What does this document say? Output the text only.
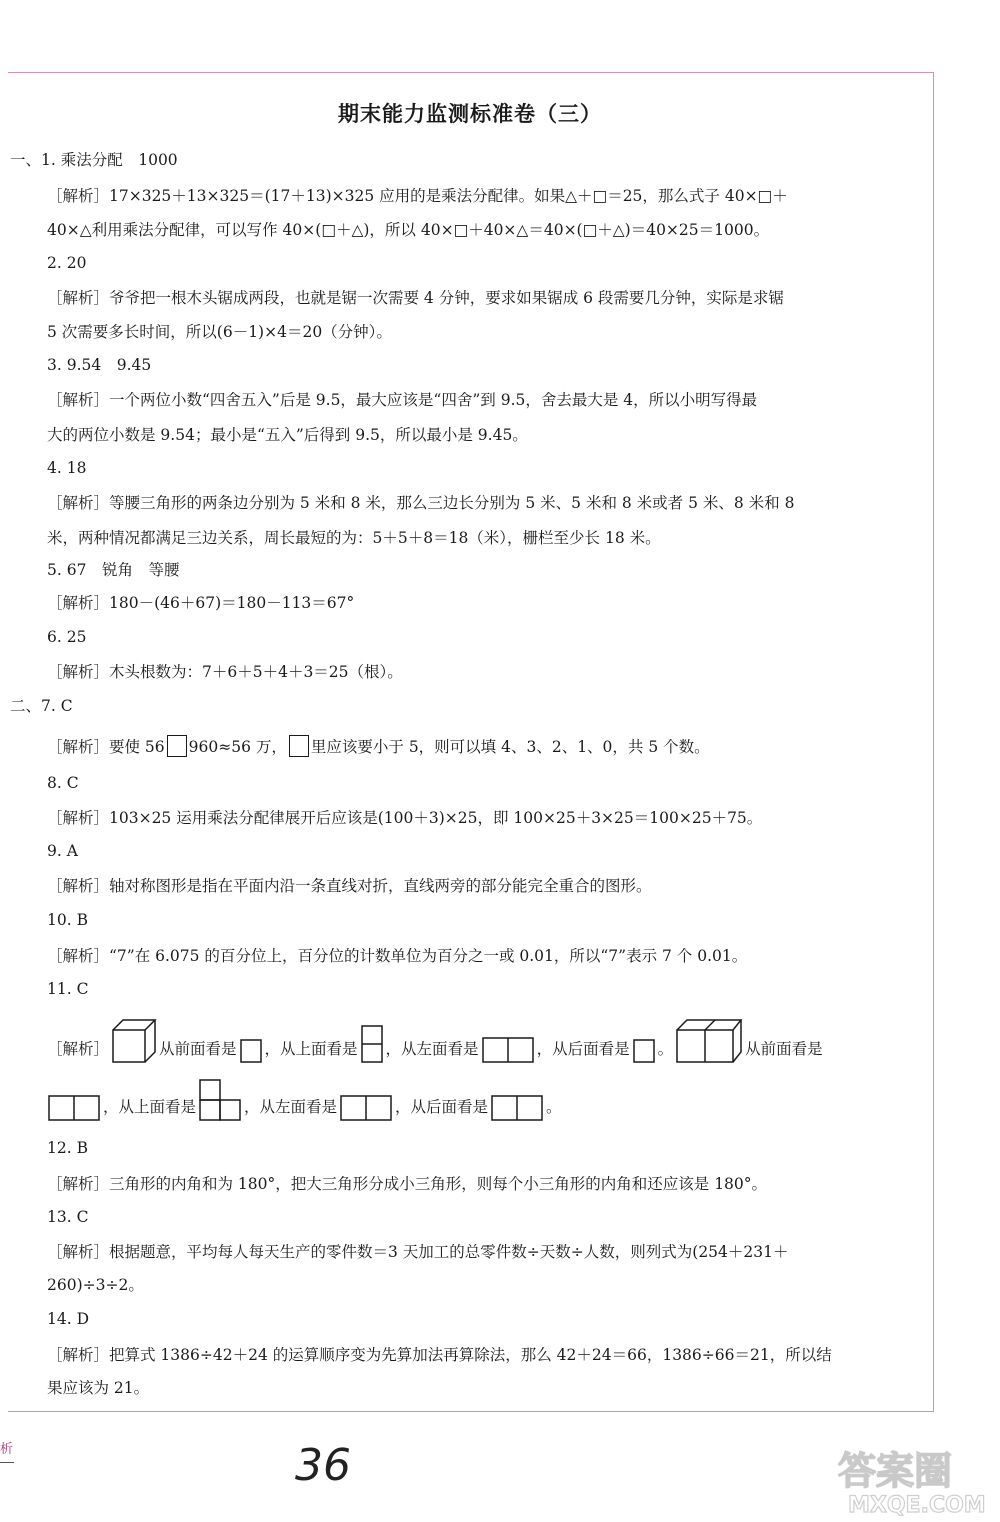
期末能力监测标准卷（三）
一、1. 乘法分配　1000
［解析］17×325＋13×325＝(17＋13)×325 应用的是乘法分配律。如果△＋□＝25，那么式子 40×□＋
40×△利用乘法分配律，可以写作 40×(□＋△)，所以 40×□＋40×△＝40×(□＋△)＝40×25＝1000。
2. 20
［解析］爷爷把一根木头锯成两段，也就是锯一次需要 4 分钟，要求如果锯成 6 段需要几分钟，实际是求锯
5 次需要多长时间，所以(6－1)×4＝20（分钟）。
3. 9.54　9.45
［解析］一个两位小数“四舍五入”后是 9.5，最大应该是“四舍”到 9.5，舍去最大是 4，所以小明写得最
大的两位小数是 9.54；最小是“五入”后得到 9.5，所以最小是 9.45。
4. 18
［解析］等腰三角形的两条边分别为 5 米和 8 米，那么三边长分别为 5 米、5 米和 8 米或者 5 米、8 米和 8
米，两种情况都满足三边关系，周长最短的为：5＋5＋8＝18（米），栅栏至少长 18 米。
5. 67　锐角　等腰
［解析］180－(46＋67)＝180－113＝67°
6. 25
［解析］木头根数为：7＋6＋5＋4＋3＝25（根）。
二、7. C
［解析］要使 56 960≈56 万， 里应该要小于 5，则可以填 4、3、2、1、0，共 5 个数。
8. C
［解析］103×25 运用乘法分配律展开后应该是(100＋3)×25，即 100×25＋3×25＝100×25＋75。
9. A
［解析］轴对称图形是指在平面内沿一条直线对折，直线两旁的部分能完全重合的图形。
10. B
［解析］“7”在 6.075 的百分位上，百分位的计数单位为百分之一或 0.01，所以“7”表示 7 个 0.01。
11. C
［解析］	从前面看是 ，从上面看是 ，从左面看是	，从后面看是 。	从前面看是
，从上面看是	，从左面看是	，从后面看是	。
12. B
［解析］三角形的内角和为 180°，把大三角形分成小三角形，则每个小三角形的内角和还应该是 180°。
13. C
［解析］根据题意，平均每人每天生产的零件数＝3 天加工的总零件数÷天数÷人数，则列式为(254＋231＋
260)÷3÷2。
14. D
［解析］把算式 1386÷42＋24 的运算顺序变为先算加法再算除法，那么 42＋24＝66，1386÷66＝21，所以结
果应该为 21。
析	36	答案圈
MXQE.COM
